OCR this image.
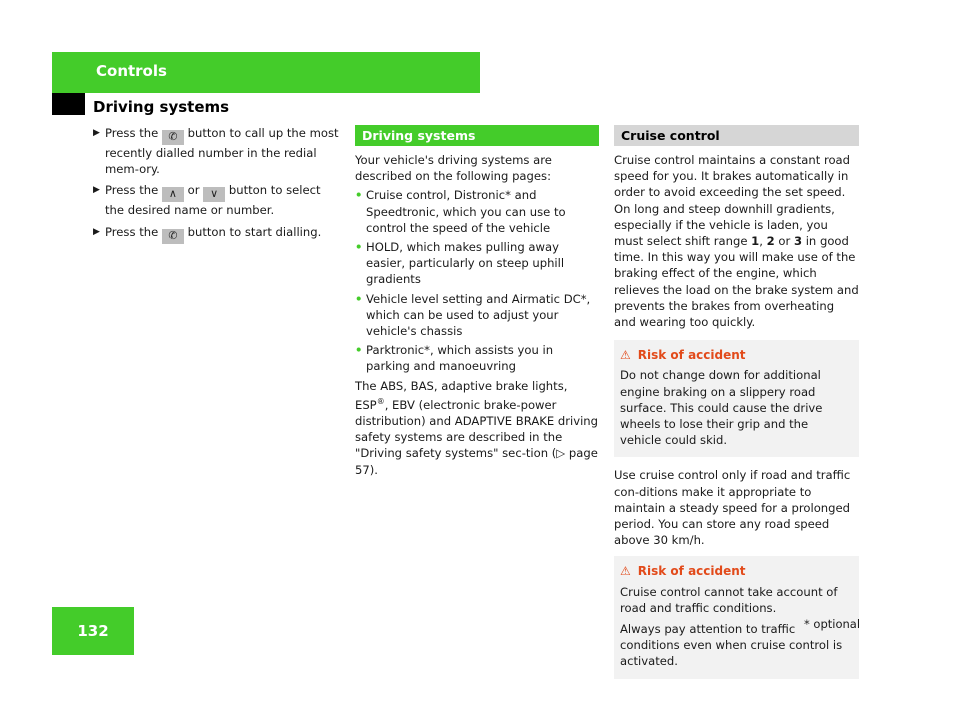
Controls
Driving systems
▶ Press the ✆ button to call up the most recently dialled number in the redial mem-ory.
▶ Press the ∧ or ∨ button to select the desired name or number.
▶ Press the ✆ button to start dialling.
Driving systems

Your vehicle's driving systems are described on the following pages:

• Cruise control, Distronic* and Speedtronic, which you can use to control the speed of the vehicle
• HOLD, which makes pulling away easier, particularly on steep uphill gradients
• Vehicle level setting and Airmatic DC*, which can be used to adjust your vehicle's chassis
• Parktronic*, which assists you in parking and manoeuvring

The ABS, BAS, adaptive brake lights, ESP®, EBV (electronic brake-power distribution) and ADAPTIVE BRAKE driving safety systems are described in the "Driving safety systems" sec-tion (▷ page 57).

Cruise control

Cruise control maintains a constant road speed for you. It brakes automatically in order to avoid exceeding the set speed. On long and steep downhill gradients, especially if the vehicle is laden, you must select shift range 1, 2 or 3 in good time. In this way you will make use of the braking effect of the engine, which relieves the load on the brake system and prevents the brakes from overheating and wearing too quickly.

⚠ Risk of accident

Do not change down for additional engine braking on a slippery road surface. This could cause the drive wheels to lose their grip and the vehicle could skid.

Use cruise control only if road and traffic con-ditions make it appropriate to maintain a steady speed for a prolonged period. You can store any road speed above 30 km/h.

⚠ Risk of accident

Cruise control cannot take account of road and traffic conditions.

Always pay attention to traffic conditions even when cruise control is activated.

132	* optional
